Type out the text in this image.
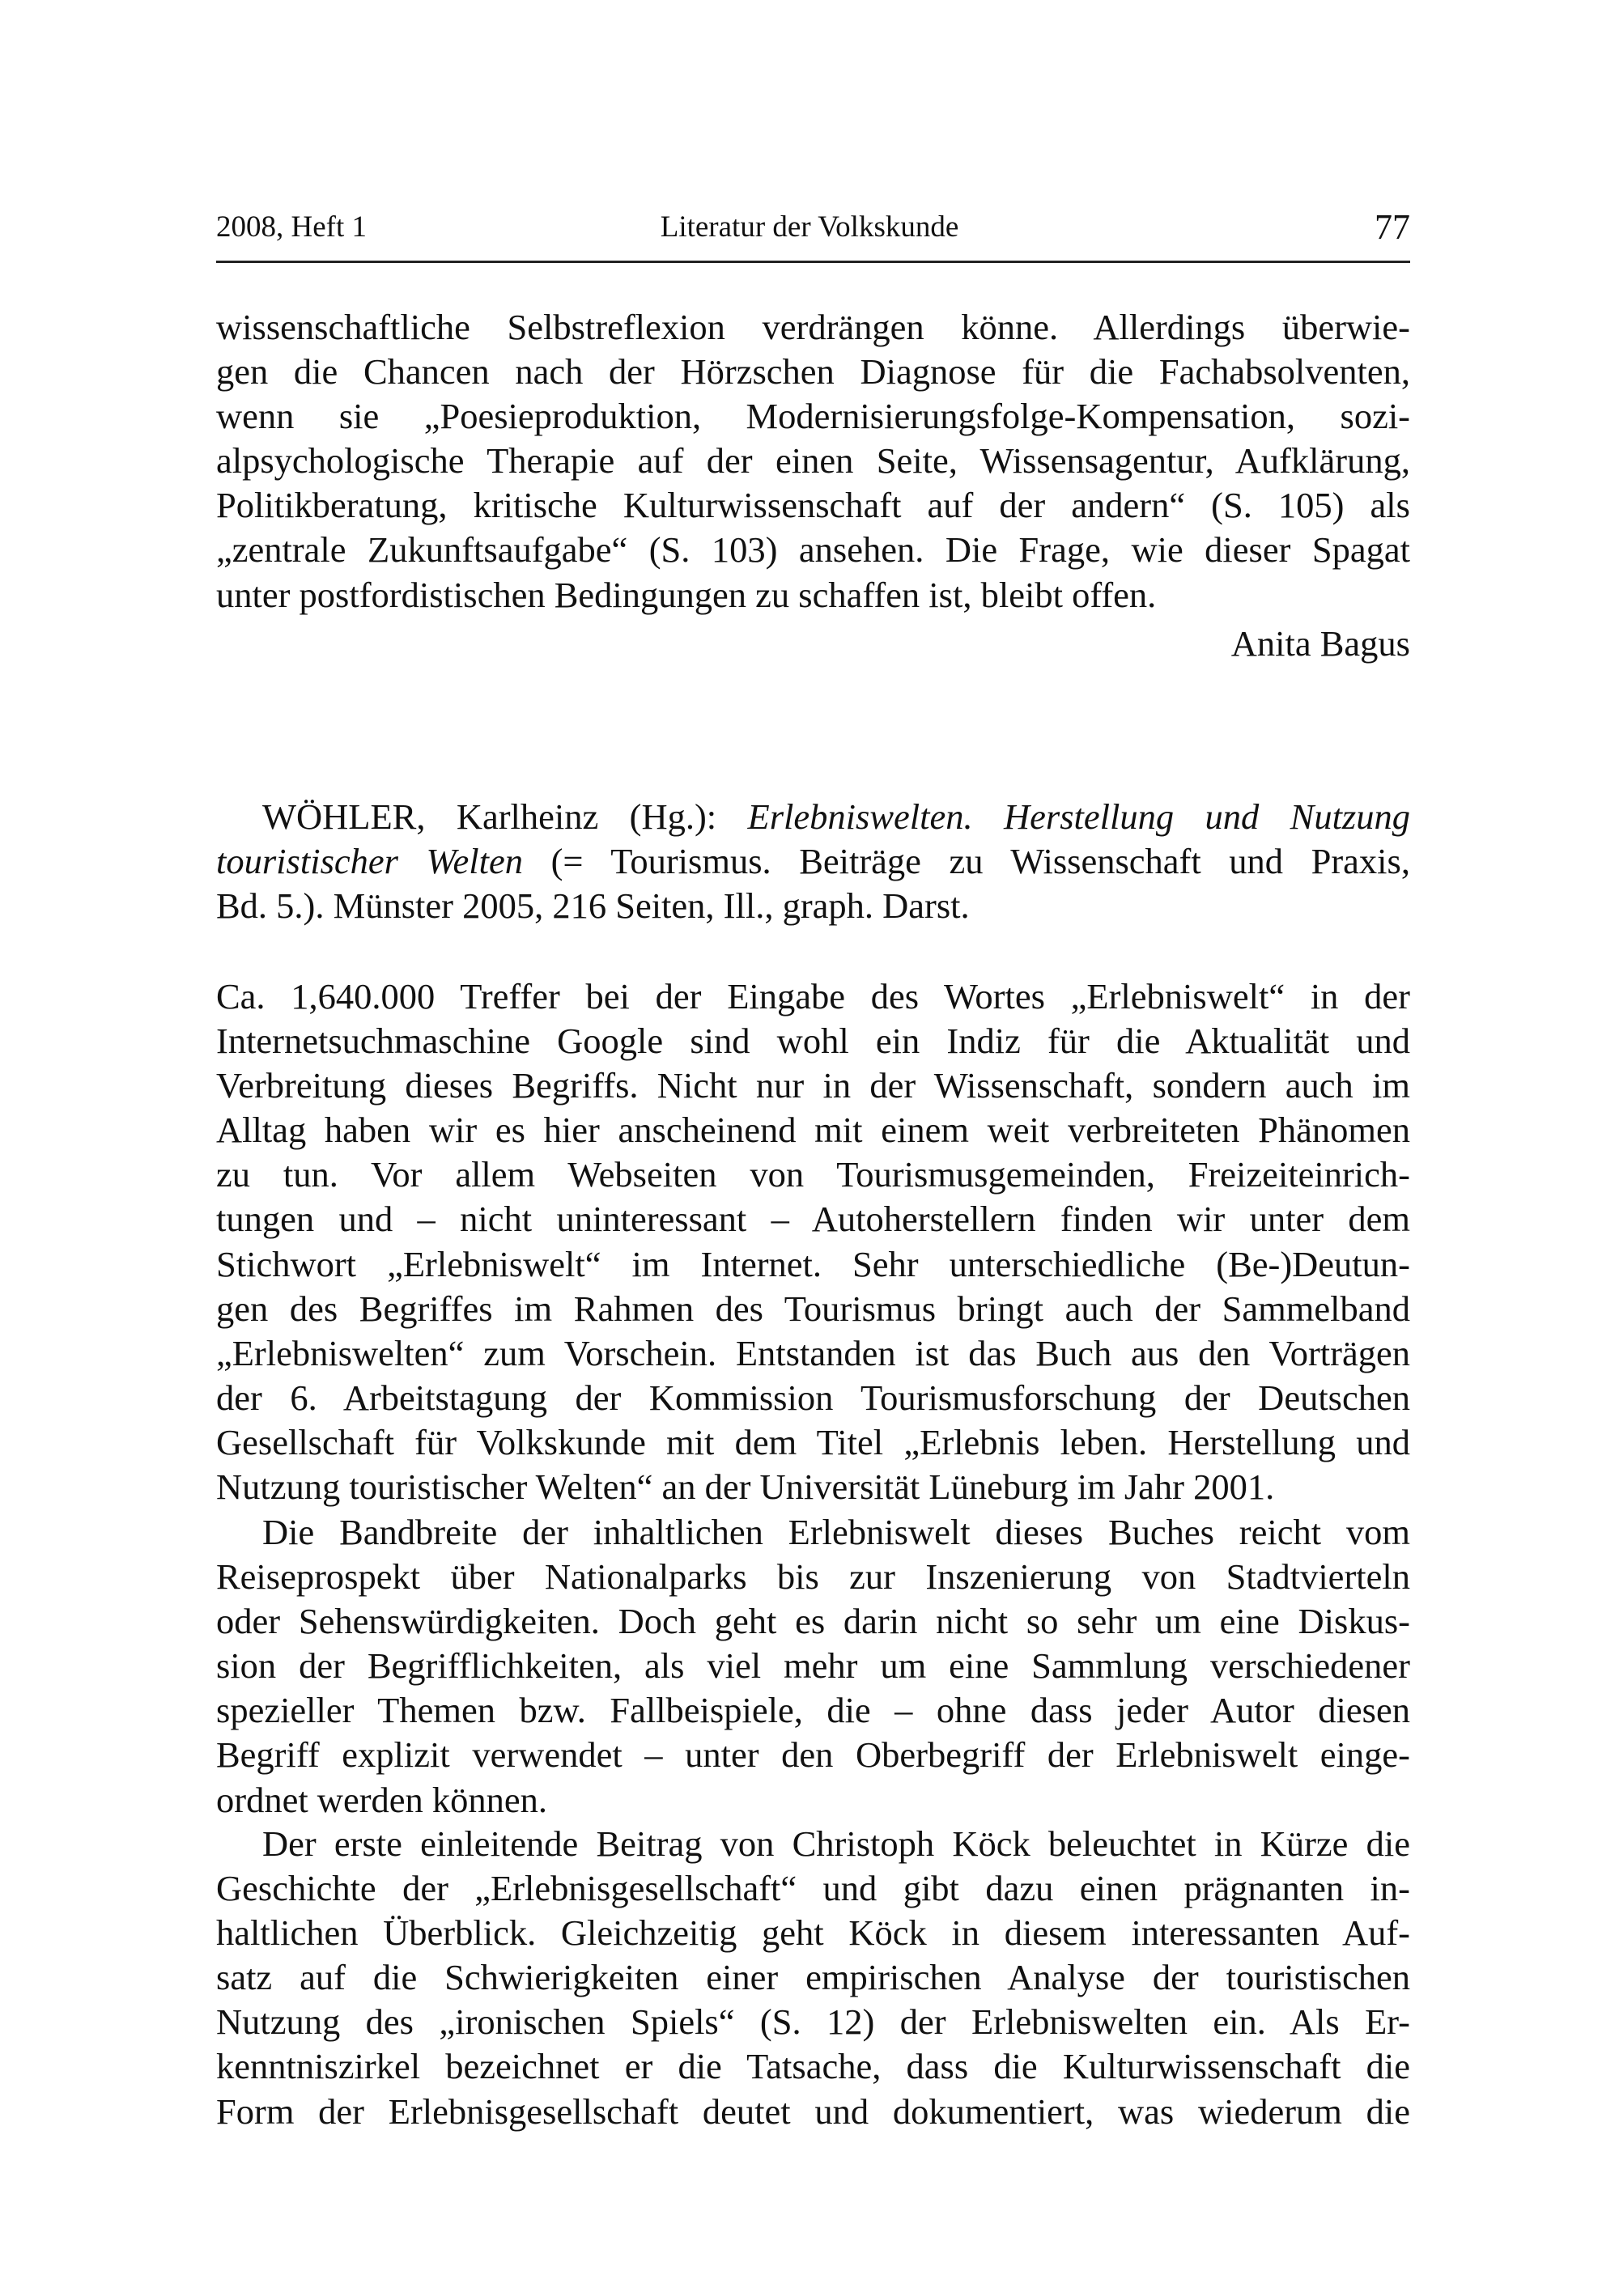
2008, Heft 1	Literatur der Volkskunde	77
wissenschaftliche Selbstreflexion verdrängen könne. Allerdings überwie-
gen die Chancen nach der Hörzschen Diagnose für die Fachabsolventen,
wenn sie „Poesieproduktion, Modernisierungsfolge-Kompensation, sozi-
alpsychologische Therapie auf der einen Seite, Wissensagentur, Aufklärung,
Politikberatung, kritische Kulturwissenschaft auf der andern“ (S. 105) als
„zentrale Zukunftsaufgabe“ (S. 103) ansehen. Die Frage, wie dieser Spagat
unter postfordistischen Bedingungen zu schaffen ist, bleibt offen.
Anita Bagus
WÖHLER, Karlheinz (Hg.): Erlebniswelten. Herstellung und Nutzung
touristischer Welten (= Tourismus. Beiträge zu Wissenschaft und Praxis,
Bd. 5.). Münster 2005, 216 Seiten, Ill., graph. Darst.
Ca. 1,640.000 Treffer bei der Eingabe des Wortes „Erlebniswelt“ in der
Internetsuchmaschine Google sind wohl ein Indiz für die Aktualität und
Verbreitung dieses Begriffs. Nicht nur in der Wissenschaft, sondern auch im
Alltag haben wir es hier anscheinend mit einem weit verbreiteten Phänomen
zu tun. Vor allem Webseiten von Tourismusgemeinden, Freizeiteinrich-
tungen und – nicht uninteressant – Autoherstellern finden wir unter dem
Stichwort „Erlebniswelt“ im Internet. Sehr unterschiedliche (Be-)Deutun-
gen des Begriffes im Rahmen des Tourismus bringt auch der Sammelband
„Erlebniswelten“ zum Vorschein. Entstanden ist das Buch aus den Vorträgen
der 6. Arbeitstagung der Kommission Tourismusforschung der Deutschen
Gesellschaft für Volkskunde mit dem Titel „Erlebnis leben. Herstellung und
Nutzung touristischer Welten“ an der Universität Lüneburg im Jahr 2001.
Die Bandbreite der inhaltlichen Erlebniswelt dieses Buches reicht vom
Reiseprospekt über Nationalparks bis zur Inszenierung von Stadtvierteln
oder Sehenswürdigkeiten. Doch geht es darin nicht so sehr um eine Diskus-
sion der Begrifflichkeiten, als viel mehr um eine Sammlung verschiedener
spezieller Themen bzw. Fallbeispiele, die – ohne dass jeder Autor diesen
Begriff explizit verwendet – unter den Oberbegriff der Erlebniswelt einge-
ordnet werden können.
Der erste einleitende Beitrag von Christoph Köck beleuchtet in Kürze die
Geschichte der „Erlebnisgesellschaft“ und gibt dazu einen prägnanten in-
haltlichen Überblick. Gleichzeitig geht Köck in diesem interessanten Auf-
satz auf die Schwierigkeiten einer empirischen Analyse der touristischen
Nutzung des „ironischen Spiels“ (S. 12) der Erlebniswelten ein. Als Er-
kenntniszirkel bezeichnet er die Tatsache, dass die Kulturwissenschaft die
Form der Erlebnisgesellschaft deutet und dokumentiert, was wiederum die
